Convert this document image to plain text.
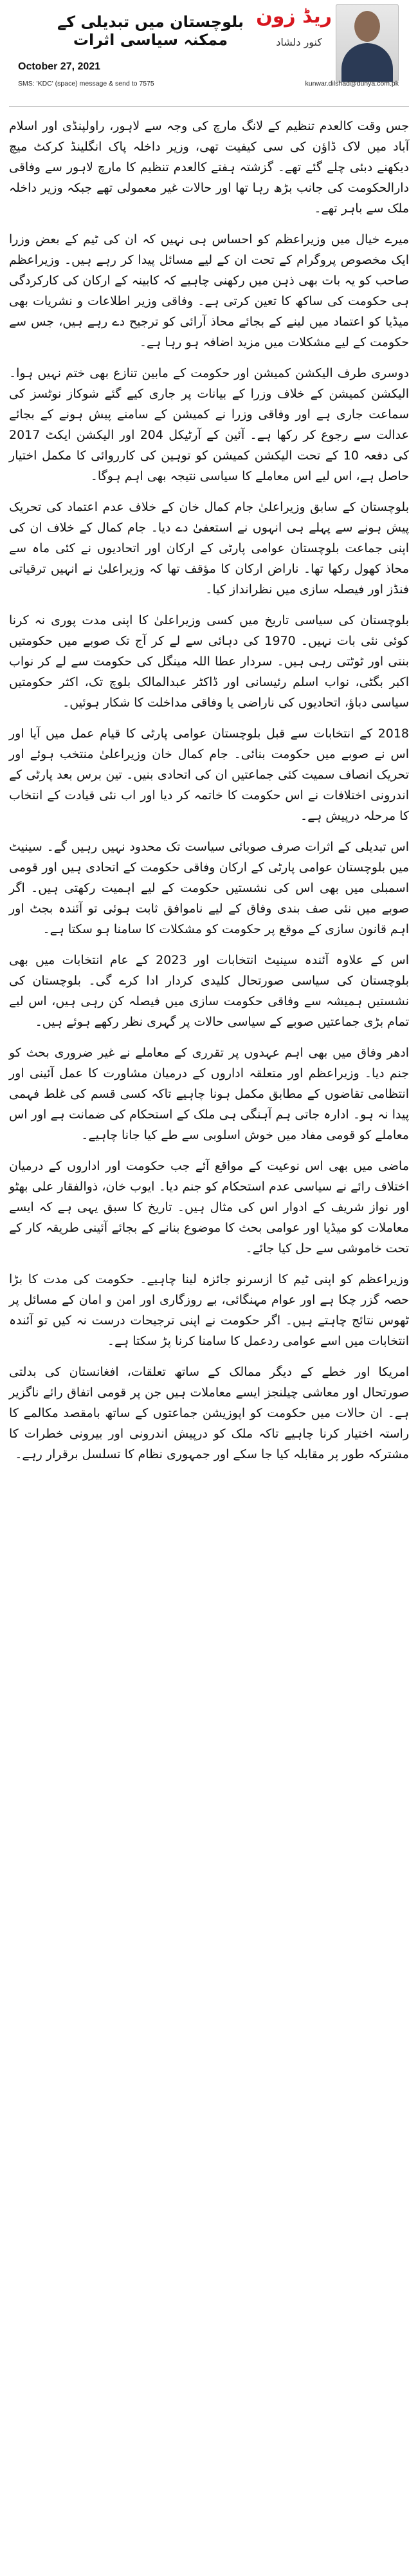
ریڈ زون
کنور دلشاد
بلوچستان میں تبدیلی کے ممکنہ سیاسی اثرات
October 27, 2021
SMS: 'KDC' (space) message & send to 7575	kunwar.dilshad@dunya.com.pk

جس وقت کالعدم تنظیم کے لانگ مارچ کی وجہ سے لاہور، راولپنڈی اور اسلام آباد میں لاک ڈاؤن کی سی کیفیت تھی، وزیر داخلہ پاک انگلینڈ کرکٹ میچ دیکھنے دبئی چلے گئے تھے۔ گزشتہ ہفتے کالعدم تنظیم کا مارچ لاہور سے وفاقی دارالحکومت کی جانب بڑھ رہا تھا اور حالات غیر معمولی تھے جبکہ وزیر داخلہ ملک سے باہر تھے۔

میرے خیال میں وزیراعظم کو احساس ہی نہیں کہ ان کی ٹیم کے بعض وزرا ایک مخصوص پروگرام کے تحت ان کے لیے مسائل پیدا کر رہے ہیں۔ وزیراعظم صاحب کو یہ بات بھی ذہن میں رکھنی چاہیے کہ کابینہ کے ارکان کی کارکردگی ہی حکومت کی ساکھ کا تعین کرتی ہے۔ وفاقی وزیر اطلاعات و نشریات بھی میڈیا کو اعتماد میں لینے کے بجائے محاذ آرائی کو ترجیح دے رہے ہیں، جس سے حکومت کے لیے مشکلات میں مزید اضافہ ہو رہا ہے۔

دوسری طرف الیکشن کمیشن اور حکومت کے مابین تنازع بھی ختم نہیں ہوا۔ الیکشن کمیشن کے خلاف وزرا کے بیانات پر جاری کیے گئے شوکاز نوٹسز کی سماعت جاری ہے اور وفاقی وزرا نے کمیشن کے سامنے پیش ہونے کے بجائے عدالت سے رجوع کر رکھا ہے۔ آئین کے آرٹیکل 204 اور الیکشن ایکٹ 2017 کی دفعہ 10 کے تحت الیکشن کمیشن کو توہین کی کارروائی کا مکمل اختیار حاصل ہے، اس لیے اس معاملے کا سیاسی نتیجہ بھی اہم ہوگا۔

بلوچستان کے سابق وزیراعلیٰ جام کمال خان کے خلاف عدم اعتماد کی تحریک پیش ہونے سے پہلے ہی انہوں نے استعفیٰ دے دیا۔ جام کمال کے خلاف ان کی اپنی جماعت بلوچستان عوامی پارٹی کے ارکان اور اتحادیوں نے کئی ماہ سے محاذ کھول رکھا تھا۔ ناراض ارکان کا مؤقف تھا کہ وزیراعلیٰ نے انہیں ترقیاتی فنڈز اور فیصلہ سازی میں نظرانداز کیا۔

بلوچستان کی سیاسی تاریخ میں کسی وزیراعلیٰ کا اپنی مدت پوری نہ کرنا کوئی نئی بات نہیں۔ 1970 کی دہائی سے لے کر آج تک صوبے میں حکومتیں بنتی اور ٹوٹتی رہی ہیں۔ سردار عطا اللہ مینگل کی حکومت سے لے کر نواب اکبر بگٹی، نواب اسلم رئیسانی اور ڈاکٹر عبدالمالک بلوچ تک، اکثر حکومتیں سیاسی دباؤ، اتحادیوں کی ناراضی یا وفاقی مداخلت کا شکار ہوئیں۔

2018 کے انتخابات سے قبل بلوچستان عوامی پارٹی کا قیام عمل میں آیا اور اس نے صوبے میں حکومت بنائی۔ جام کمال خان وزیراعلیٰ منتخب ہوئے اور تحریک انصاف سمیت کئی جماعتیں ان کی اتحادی بنیں۔ تین برس بعد پارٹی کے اندرونی اختلافات نے اس حکومت کا خاتمہ کر دیا اور اب نئی قیادت کے انتخاب کا مرحلہ درپیش ہے۔

اس تبدیلی کے اثرات صرف صوبائی سیاست تک محدود نہیں رہیں گے۔ سینیٹ میں بلوچستان عوامی پارٹی کے ارکان وفاقی حکومت کے اتحادی ہیں اور قومی اسمبلی میں بھی اس کی نشستیں حکومت کے لیے اہمیت رکھتی ہیں۔ اگر صوبے میں نئی صف بندی وفاق کے لیے ناموافق ثابت ہوئی تو آئندہ بجٹ اور اہم قانون سازی کے موقع پر حکومت کو مشکلات کا سامنا ہو سکتا ہے۔

اس کے علاوہ آئندہ سینیٹ انتخابات اور 2023 کے عام انتخابات میں بھی بلوچستان کی سیاسی صورتحال کلیدی کردار ادا کرے گی۔ بلوچستان کی نشستیں ہمیشہ سے وفاقی حکومت سازی میں فیصلہ کن رہی ہیں، اس لیے تمام بڑی جماعتیں صوبے کے سیاسی حالات پر گہری نظر رکھے ہوئے ہیں۔

ادھر وفاق میں بھی اہم عہدوں پر تقرری کے معاملے نے غیر ضروری بحث کو جنم دیا۔ وزیراعظم اور متعلقہ اداروں کے درمیان مشاورت کا عمل آئینی اور انتظامی تقاضوں کے مطابق مکمل ہونا چاہیے تاکہ کسی قسم کی غلط فہمی پیدا نہ ہو۔ ادارہ جاتی ہم آہنگی ہی ملک کے استحکام کی ضمانت ہے اور اس معاملے کو قومی مفاد میں خوش اسلوبی سے طے کیا جانا چاہیے۔

ماضی میں بھی اس نوعیت کے مواقع آئے جب حکومت اور اداروں کے درمیان اختلاف رائے نے سیاسی عدم استحکام کو جنم دیا۔ ایوب خان، ذوالفقار علی بھٹو اور نواز شریف کے ادوار اس کی مثال ہیں۔ تاریخ کا سبق یہی ہے کہ ایسے معاملات کو میڈیا اور عوامی بحث کا موضوع بنانے کے بجائے آئینی طریقہ کار کے تحت خاموشی سے حل کیا جائے۔

وزیراعظم کو اپنی ٹیم کا ازسرنو جائزہ لینا چاہیے۔ حکومت کی مدت کا بڑا حصہ گزر چکا ہے اور عوام مہنگائی، بے روزگاری اور امن و امان کے مسائل پر ٹھوس نتائج چاہتے ہیں۔ اگر حکومت نے اپنی ترجیحات درست نہ کیں تو آئندہ انتخابات میں اسے عوامی ردعمل کا سامنا کرنا پڑ سکتا ہے۔

امریکا اور خطے کے دیگر ممالک کے ساتھ تعلقات، افغانستان کی بدلتی صورتحال اور معاشی چیلنجز ایسے معاملات ہیں جن پر قومی اتفاق رائے ناگزیر ہے۔ ان حالات میں حکومت کو اپوزیشن جماعتوں کے ساتھ بامقصد مکالمے کا راستہ اختیار کرنا چاہیے تاکہ ملک کو درپیش اندرونی اور بیرونی خطرات کا مشترکہ طور پر مقابلہ کیا جا سکے اور جمہوری نظام کا تسلسل برقرار رہے۔
